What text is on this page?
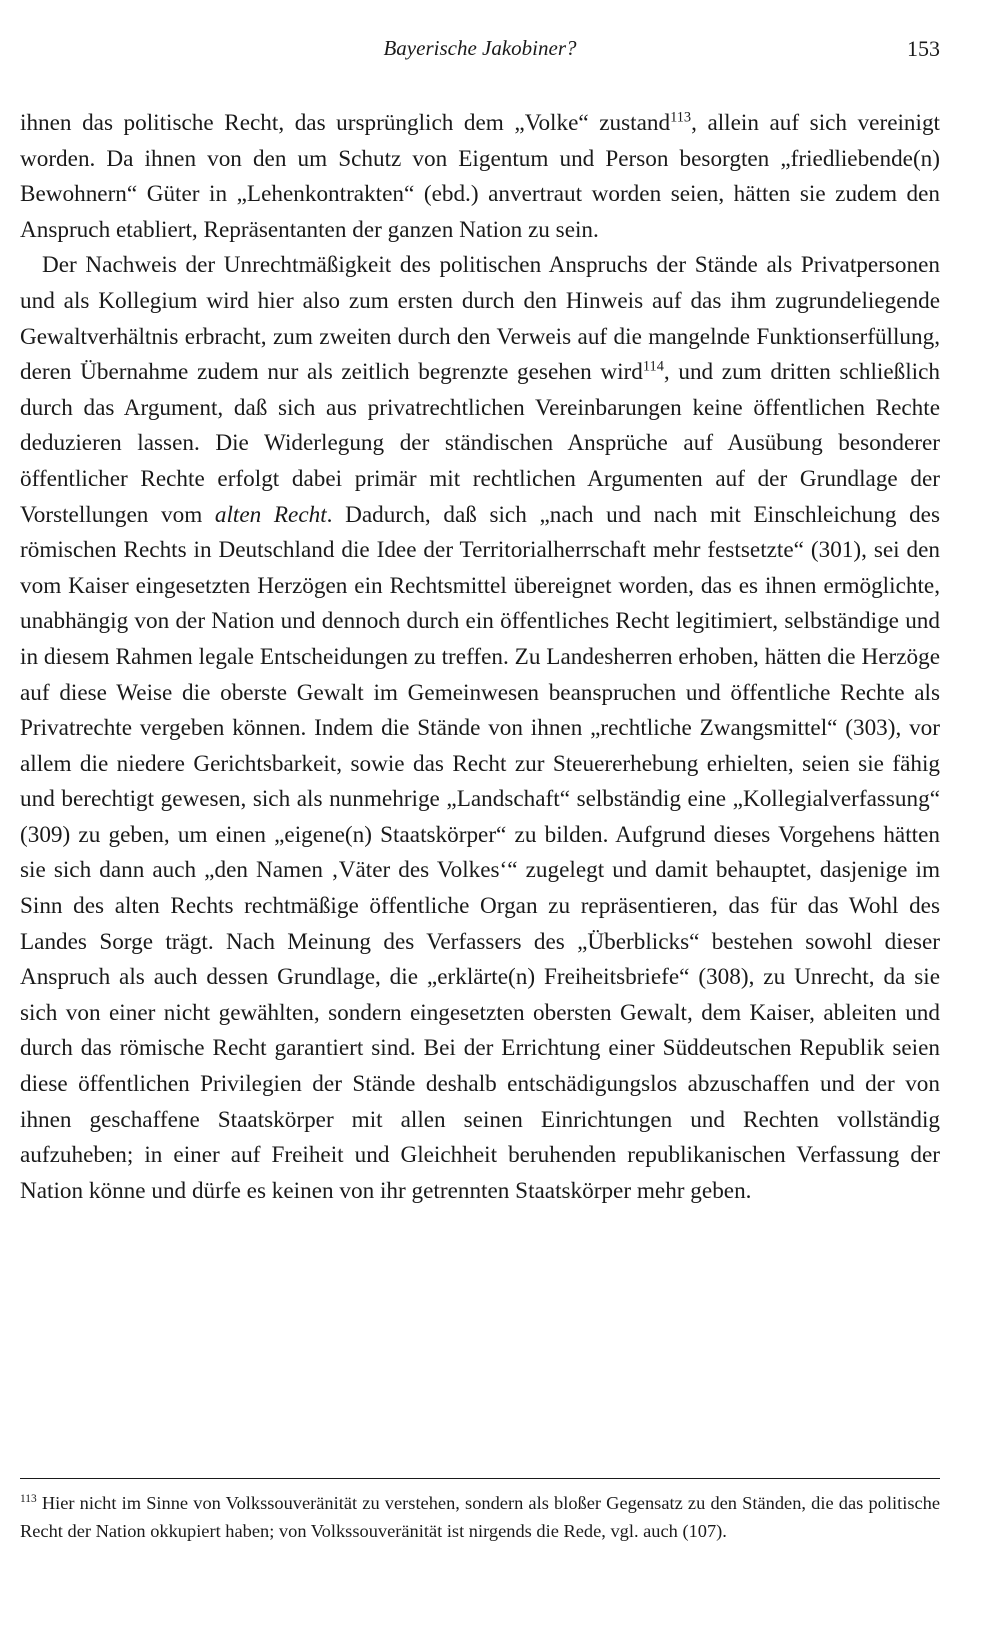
Bayerische Jakobiner?	153

ihnen das politische Recht, das ursprünglich dem „Volke“ zustand$^{113}$, allein auf sich vereinigt worden. Da ihnen von den um Schutz von Eigentum und Person besorgten „friedliebende(n) Bewohnern“ Güter in „Lehenkontrakten“ (ebd.) anvertraut worden seien, hätten sie zudem den Anspruch etabliert, Repräsentanten der ganzen Nation zu sein.

Der Nachweis der Unrechtmäßigkeit des politischen Anspruchs der Stände als Privatpersonen und als Kollegium wird hier also zum ersten durch den Hinweis auf das ihm zugrundeliegende Gewaltverhältnis erbracht, zum zweiten durch den Verweis auf die mangelnde Funktionserfüllung, deren Übernahme zudem nur als zeitlich begrenzte gesehen wird$^{114}$, und zum dritten schließlich durch das Argument, daß sich aus privatrechtlichen Vereinbarungen keine öffentlichen Rechte deduzieren lassen. Die Widerlegung der ständischen Ansprüche auf Ausübung besonderer öffentlicher Rechte erfolgt dabei primär mit rechtlichen Argumenten auf der Grundlage der Vorstellungen vom alten Recht. Dadurch, daß sich „nach und nach mit Einschleichung des römischen Rechts in Deutschland die Idee der Territorialherrschaft mehr festsetzte“ (301), sei den vom Kaiser eingesetzten Herzögen ein Rechtsmittel übereignet worden, das es ihnen ermöglichte, unabhängig von der Nation und dennoch durch ein öffentliches Recht legitimiert, selbständige und in diesem Rahmen legale Entscheidungen zu treffen. Zu Landesherren erhoben, hätten die Herzöge auf diese Weise die oberste Gewalt im Gemeinwesen beanspruchen und öffentliche Rechte als Privatrechte vergeben können. Indem die Stände von ihnen „rechtliche Zwangsmittel“ (303), vor allem die niedere Gerichtsbarkeit, sowie das Recht zur Steuererhebung erhielten, seien sie fähig und berechtigt gewesen, sich als nunmehrige „Landschaft“ selbständig eine „Kollegialverfassung“ (309) zu geben, um einen „eigene(n) Staatskörper“ zu bilden. Aufgrund dieses Vorgehens hätten sie sich dann auch „den Namen ‚Väter des Volkes‘“ zugelegt und damit behauptet, dasjenige im Sinn des alten Rechts rechtmäßige öffentliche Organ zu repräsentieren, das für das Wohl des Landes Sorge trägt. Nach Meinung des Verfassers des „Überblicks“ bestehen sowohl dieser Anspruch als auch dessen Grundlage, die „erklärte(n) Freiheitsbriefe“ (308), zu Unrecht, da sie sich von einer nicht gewählten, sondern eingesetzten obersten Gewalt, dem Kaiser, ableiten und durch das römische Recht garantiert sind. Bei der Errichtung einer Süddeutschen Republik seien diese öffentlichen Privilegien der Stände deshalb entschädigungslos abzuschaffen und der von ihnen geschaffene Staatskörper mit allen seinen Einrichtungen und Rechten vollständig aufzuheben; in einer auf Freiheit und Gleichheit beruhenden republikanischen Verfassung der Nation könne und dürfe es keinen von ihr getrennten Staatskörper mehr geben.

$^{113}$ Hier nicht im Sinne von Volkssouveränität zu verstehen, sondern als bloßer Gegensatz zu den Ständen, die das politische Recht der Nation okkupiert haben; von Volkssouveränität ist nirgends die Rede, vgl. auch (107).
